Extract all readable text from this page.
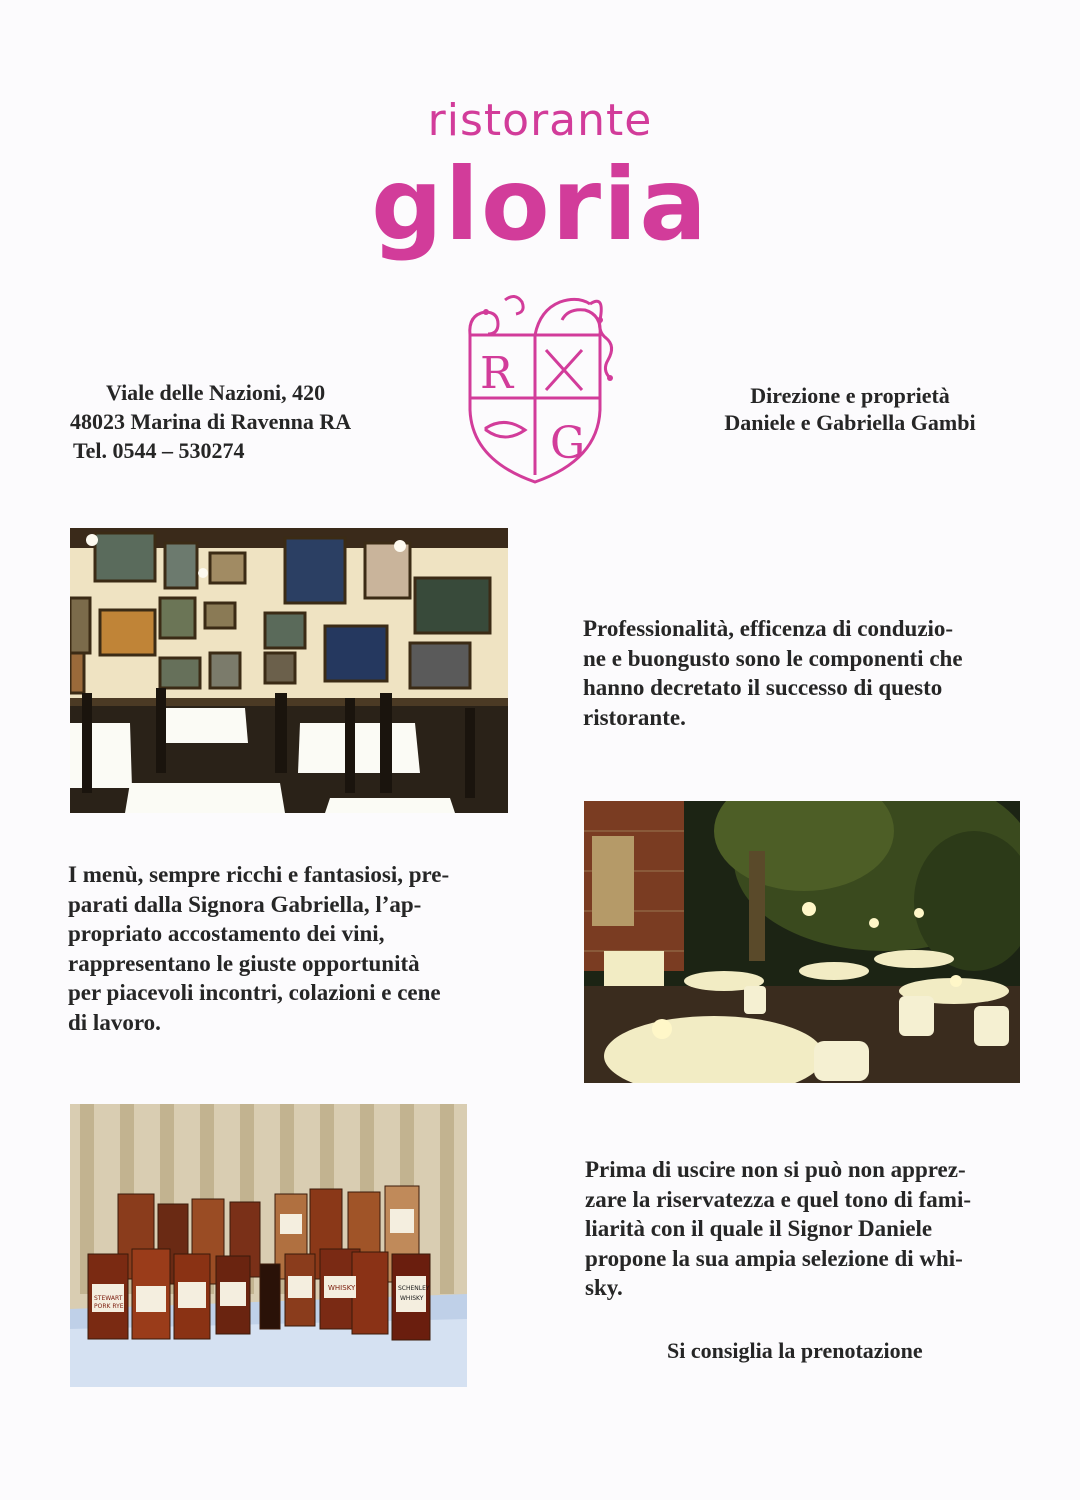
ristorante
gloria
R
G
Viale delle Nazioni, 420
48023 Marina di Ravenna RA
Tel. 0544 – 530274
Direzione e proprietà
Daniele e Gabriella Gambi
Professionalità, efficenza di conduzio-
ne e buongusto sono le componenti che
hanno decretato il successo di questo
ristorante.
I menù, sempre ricchi e fantasiosi, pre-
parati dalla Signora Gabriella, l’ap-
propriato accostamento dei vini,
rappresentano le giuste opportunità
per piacevoli incontri, colazioni e cene
di lavoro.
STEWART
PORK RYE
WHISKY	SCHENLEY
WHISKY
Prima di uscire non si può non apprez-
zare la riservatezza e quel tono di fami-
liarità con il quale il Signor Daniele
propone la sua ampia selezione di whi-
sky.
Si consiglia la prenotazione
